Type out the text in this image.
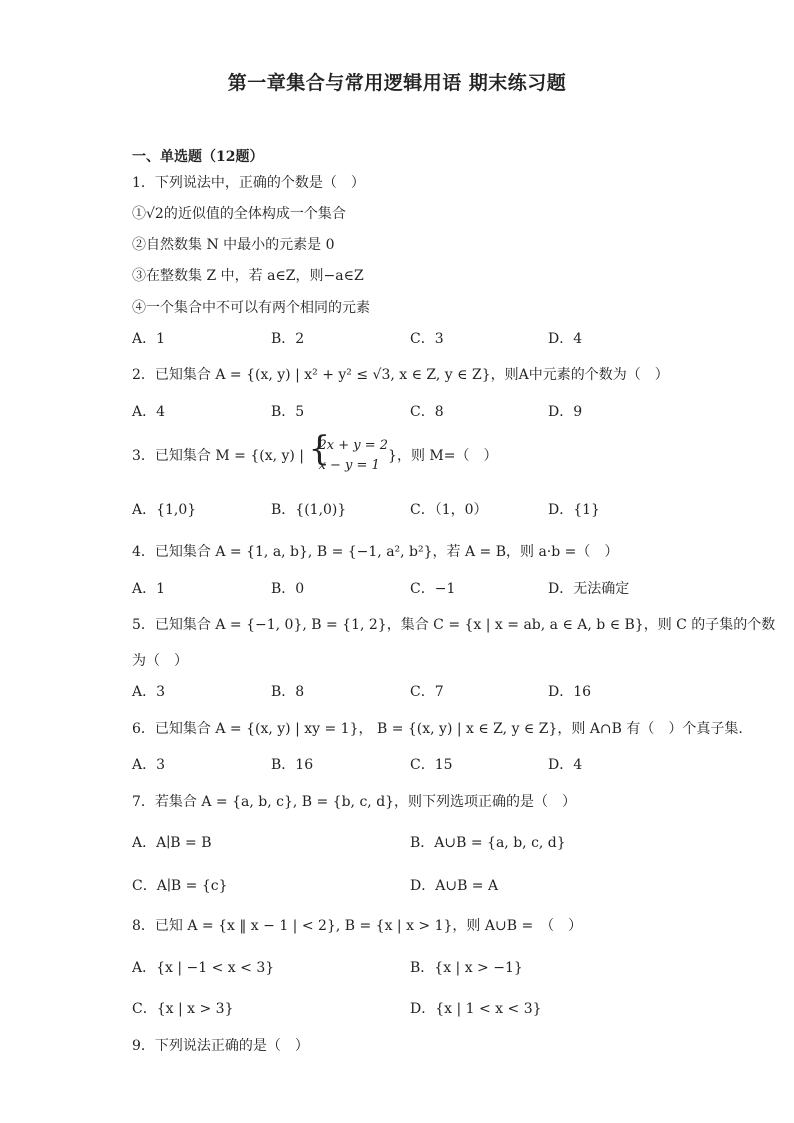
第一章集合与常用逻辑用语 期末练习题
一、单选题（12题）
1．下列说法中，正确的个数是（　）
①√2的近似值的全体构成一个集合
②自然数集 N 中最小的元素是 0
③在整数集 Z 中，若 a∈Z，则−a∈Z
④一个集合中不可以有两个相同的元素
A．1	B．2	C．3	D．4
2．已知集合 A = {(x, y) | x² + y² ≤ √3, x ∈ Z, y ∈ Z}，则A中元素的个数为（　）
A．4	B．5	C．8	D．9
3．已知集合 M = {(x, y) | {
2x + y = 2
x − y = 1
}，则 M=（　）
A．{1,0}	B．{(1,0)}	C．（1，0）	D．{1}
4．已知集合 A = {1, a, b}, B = {−1, a², b²}，若 A = B，则 a·b =（　）
A．1	B．0	C．−1	D．无法确定
5．已知集合 A = {−1, 0}, B = {1, 2}，集合 C = {x | x = ab, a ∈ A, b ∈ B}，则 C 的子集的个数
为（　）
A．3	B．8	C．7	D．16
6．已知集合 A = {(x, y) | xy = 1}， B = {(x, y) | x ∈ Z, y ∈ Z}，则 A∩B 有（　）个真子集.
A．3	B．16	C．15	D．4
7．若集合 A = {a, b, c}, B = {b, c, d}，则下列选项正确的是（　）
A．A∣B = B	B．A∪B = {a, b, c, d}
C．A∣B = {c}	D．A∪B = A
8．已知 A = {x ‖ x − 1 | < 2}, B = {x | x > 1}，则 A∪B =　（　）
A．{x | −1 < x < 3}	B．{x | x > −1}
C．{x | x > 3}	D．{x | 1 < x < 3}
9．下列说法正确的是（　）
